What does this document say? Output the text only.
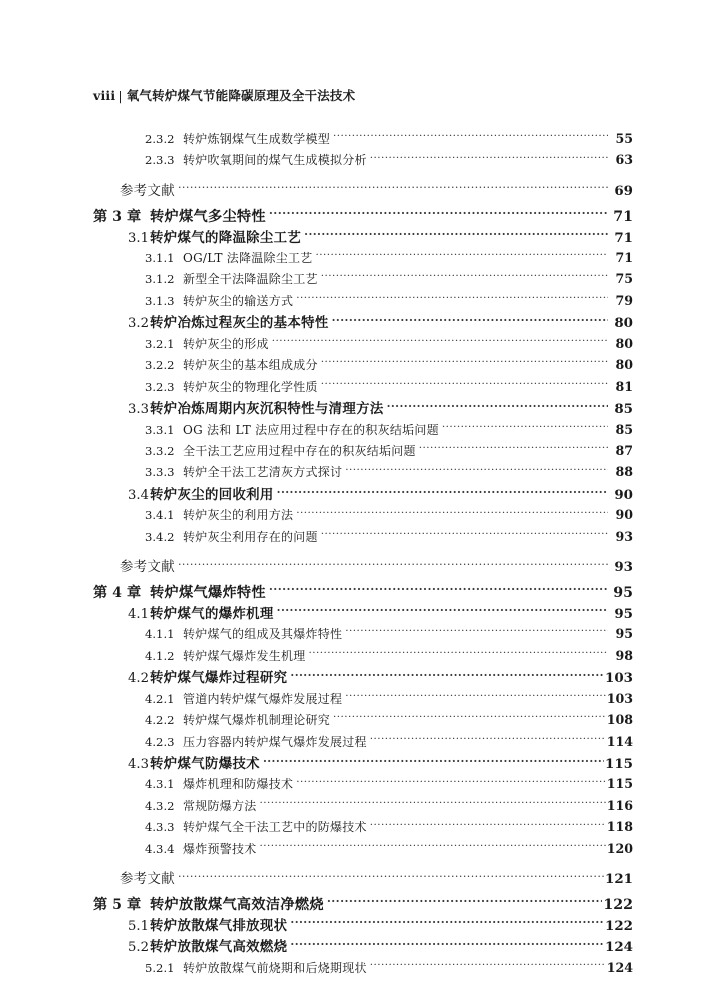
viii | 氧气转炉煤气节能降碳原理及全干法技术
2.3.2 转炉炼钢煤气生成数学模型 ·····	55
2.3.3 转炉吹氧期间的煤气生成模拟分析 ·····	63
参考文献 ·····	69
第 3 章 转炉煤气多尘特性 ·····	71
3.1 转炉煤气的降温除尘工艺 ·····	71
3.1.1 OG/LT 法降温除尘工艺 ·····	71
3.1.2 新型全干法降温除尘工艺 ·····	75
3.1.3 转炉灰尘的输送方式 ·····	79
3.2 转炉冶炼过程灰尘的基本特性 ·····	80
3.2.1 转炉灰尘的形成 ·····	80
3.2.2 转炉灰尘的基本组成成分 ·····	80
3.2.3 转炉灰尘的物理化学性质 ·····	81
3.3 转炉冶炼周期内灰沉积特性与清理方法 ·····	85
3.3.1 OG 法和 LT 法应用过程中存在的积灰结垢问题 ·····	85
3.3.2 全干法工艺应用过程中存在的积灰结垢问题 ·····	87
3.3.3 转炉全干法工艺清灰方式探讨 ·····	88
3.4 转炉灰尘的回收利用 ·····	90
3.4.1 转炉灰尘的利用方法 ·····	90
3.4.2 转炉灰尘利用存在的问题 ·····	93
参考文献 ·····	93
第 4 章 转炉煤气爆炸特性 ·····	95
4.1 转炉煤气的爆炸机理 ·····	95
4.1.1 转炉煤气的组成及其爆炸特性 ·····	95
4.1.2 转炉煤气爆炸发生机理 ·····	98
4.2 转炉煤气爆炸过程研究 ·····	103
4.2.1 管道内转炉煤气爆炸发展过程 ·····	103
4.2.2 转炉煤气爆炸机制理论研究 ·····	108
4.2.3 压力容器内转炉煤气爆炸发展过程 ·····	114
4.3 转炉煤气防爆技术 ·····	115
4.3.1 爆炸机理和防爆技术 ·····	115
4.3.2 常规防爆方法 ·····	116
4.3.3 转炉煤气全干法工艺中的防爆技术 ·····	118
4.3.4 爆炸预警技术 ·····	120
参考文献 ·····	121
第 5 章 转炉放散煤气高效洁净燃烧 ·····	122
5.1 转炉放散煤气排放现状 ·····	122
5.2 转炉放散煤气高效燃烧 ·····	124
5.2.1 转炉放散煤气前烧期和后烧期现状 ·····	124
